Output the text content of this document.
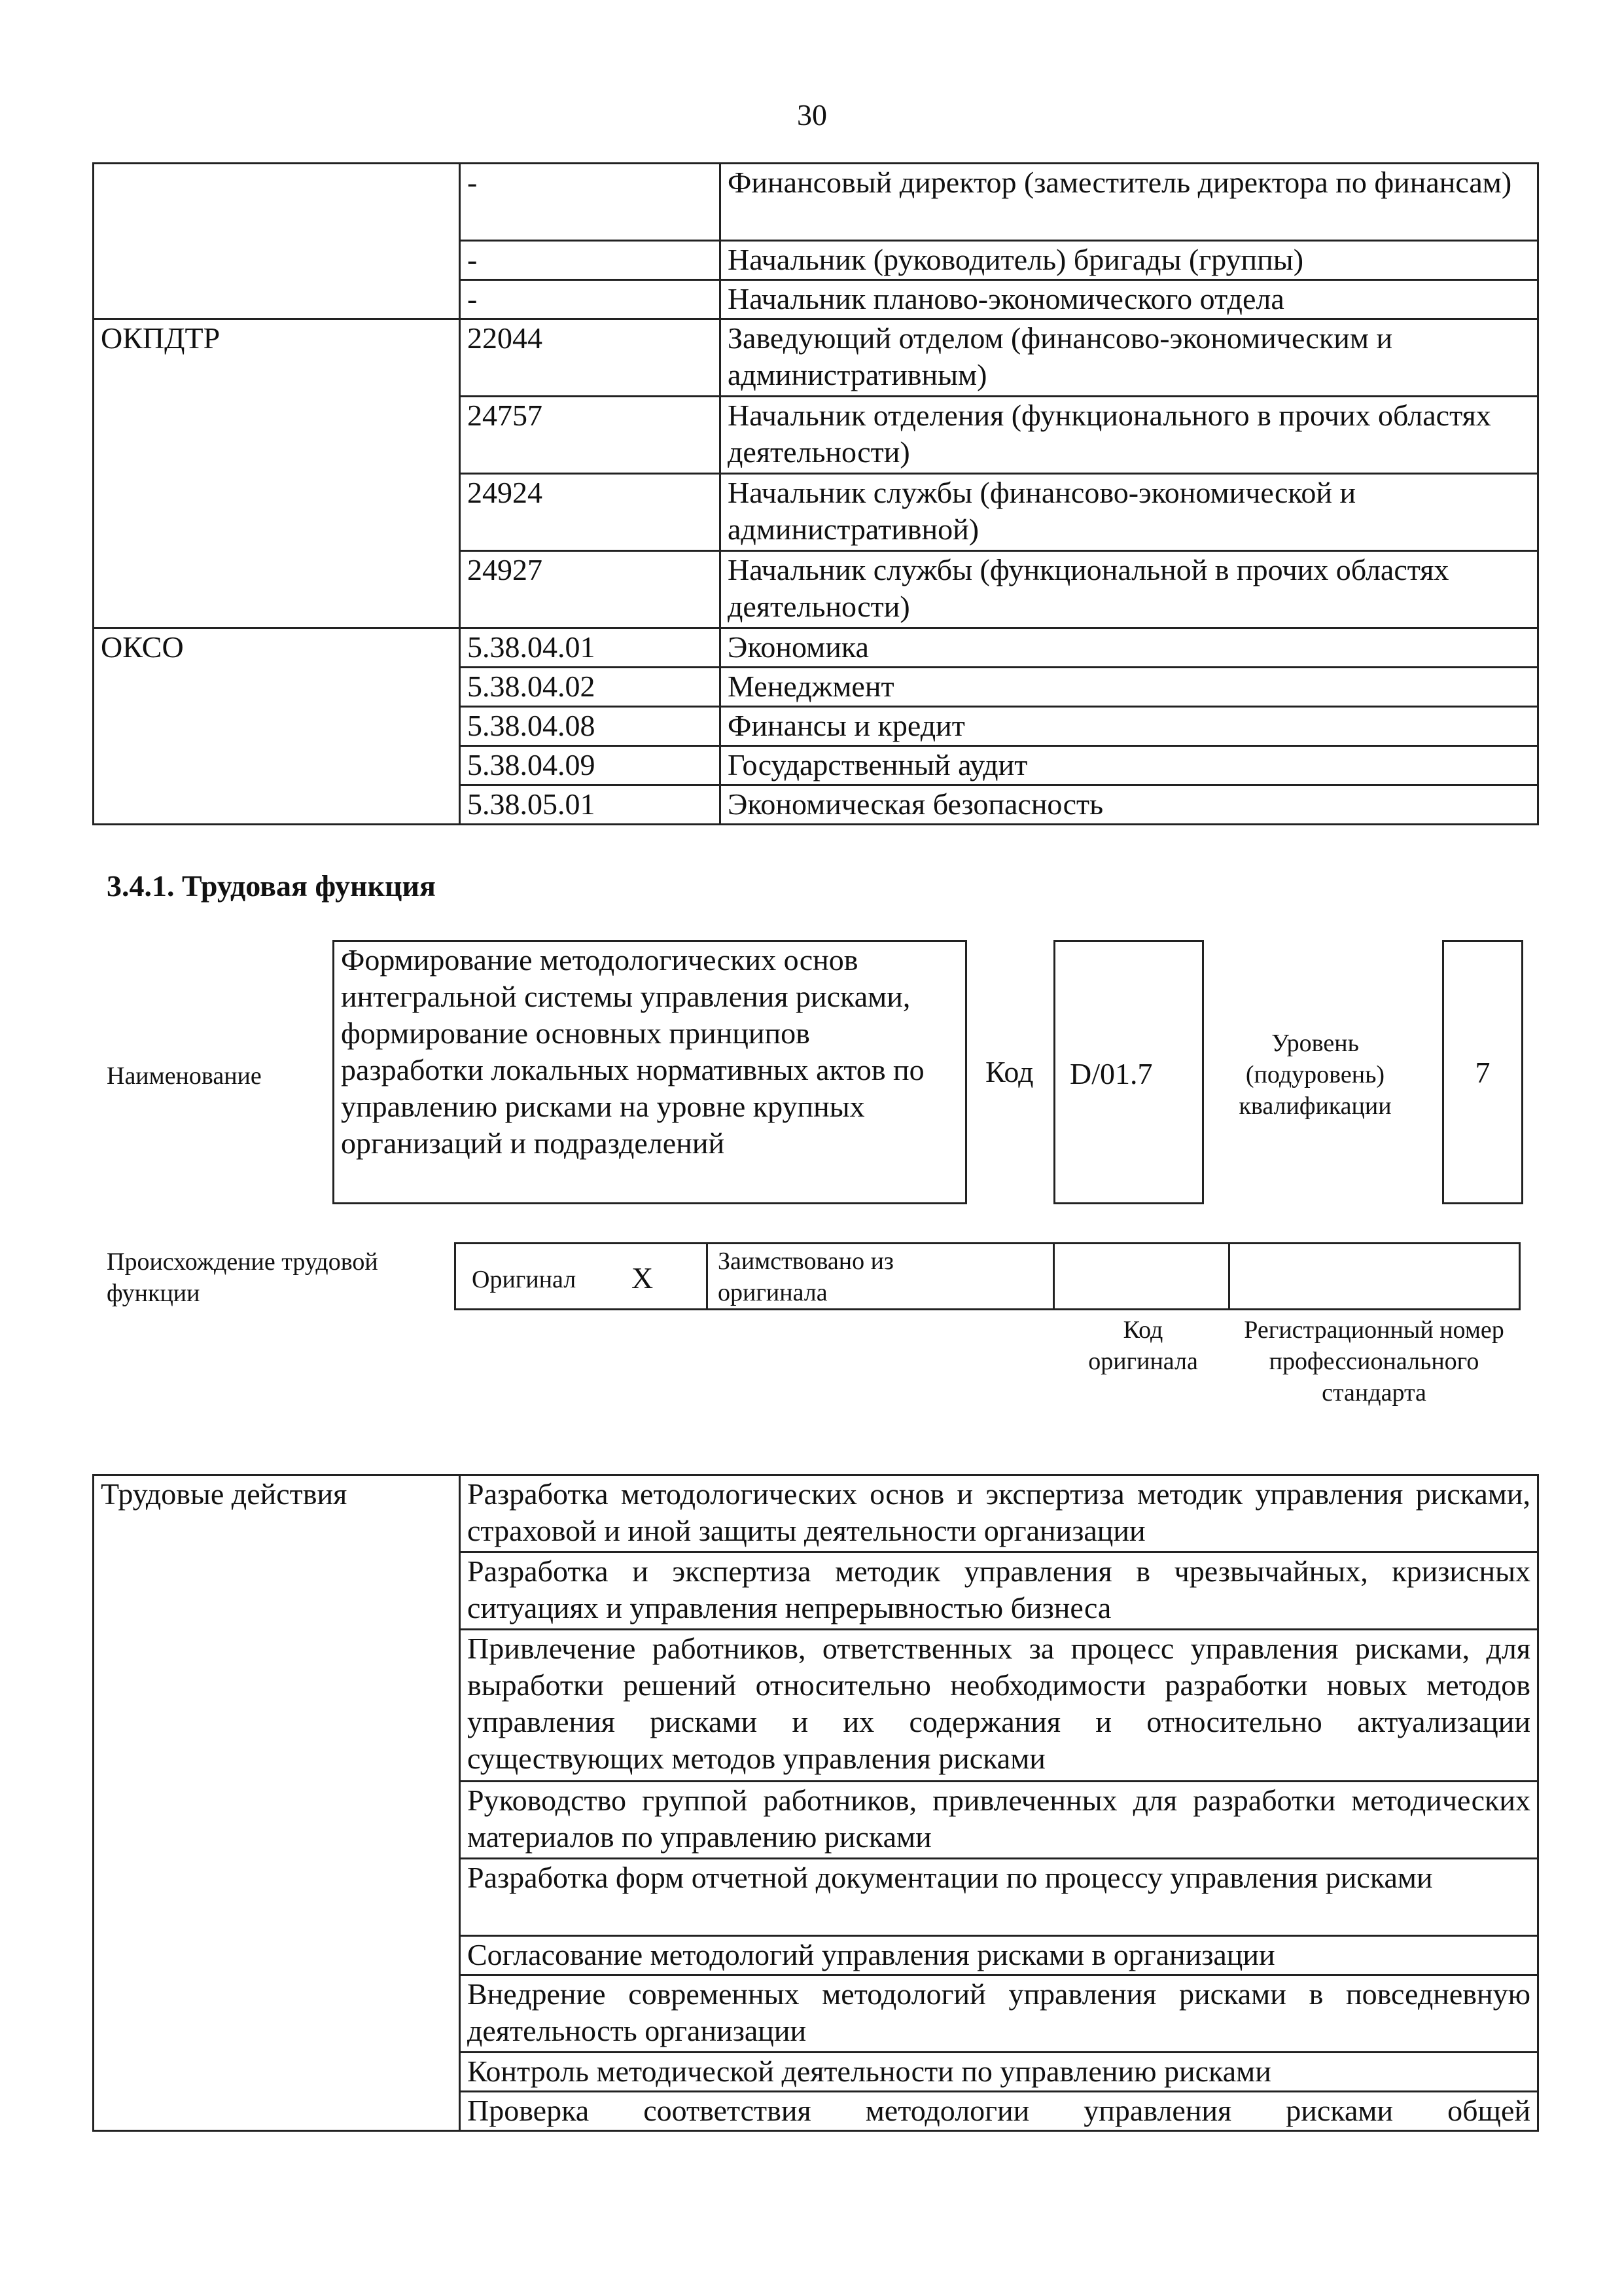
30
	-	Финансовый директор (заместитель директора по финансам)
	-	Начальник (руководитель) бригады (группы)
	-	Начальник планово-экономического отдела
ОКПДТР	22044	Заведующий отделом (финансово-экономическим и административным)
	24757	Начальник отделения (функционального в прочих областях деятельности)
	24924	Начальник службы (финансово-экономической и административной)
	24927	Начальник службы (функциональной в прочих областях деятельности)
ОКСО	5.38.04.01	Экономика
	5.38.04.02	Менеджмент
	5.38.04.08	Финансы и кредит
	5.38.04.09	Государственный аудит
	5.38.05.01	Экономическая безопасность
3.4.1. Трудовая функция
Наименование
Формирование методологических основ интегральной системы управления рисками, формирование основных принципов разработки локальных нормативных актов по управлению рисками на уровне крупных организаций и подразделений
Код	D/01.7
Уровень (подуровень) квалификации
7
Происхождение трудовой функции	Оригинал X	Заимствовано из оригинала
Код оригинала
Регистрационный номер профессионального стандарта
Трудовые действия	Разработка методологических основ и экспертиза методик управления рисками, страховой и иной защиты деятельности организации
Разработка и экспертиза методик управления в чрезвычайных, кризисных ситуациях и управления непрерывностью бизнеса
Привлечение работников, ответственных за процесс управления рисками, для выработки решений относительно необходимости разработки новых методов управления рисками и их содержания и относительно актуализации существующих методов управления рисками
Руководство группой работников, привлеченных для разработки методических материалов по управлению рисками
Разработка форм отчетной документации по процессу управления рисками
Согласование методологий управления рисками в организации
Внедрение современных методологий управления рисками в повседневную деятельность организации
Контроль методической деятельности по управлению рисками
Проверка соответствия методологии управления рисками общей
